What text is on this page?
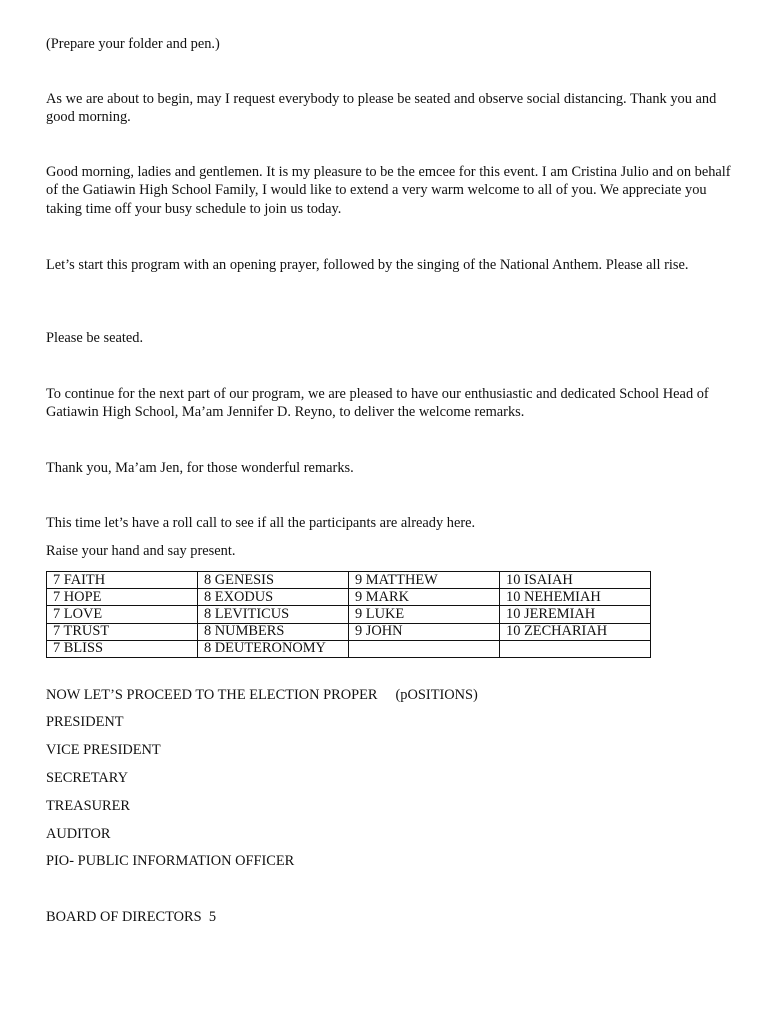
(Prepare your folder and pen.)

As we are about to begin, may I request everybody to please be seated and observe social distancing. Thank you and good morning.

Good morning, ladies and gentlemen. It is my pleasure to be the emcee for this event. I am Cristina Julio and on behalf of the Gatiawin High School Family, I would like to extend a very warm welcome to all of you. We appreciate you taking time off your busy schedule to join us today.

Let’s start this program with an opening prayer, followed by the singing of the National Anthem. Please all rise.

Please be seated.

To continue for the next part of our program, we are pleased to have our enthusiastic and dedicated School Head of Gatiawin High School, Ma’am Jennifer D. Reyno, to deliver the welcome remarks.

Thank you, Ma’am Jen, for those wonderful remarks.

This time let’s have a roll call to see if all the participants are already here.

Raise your hand and say present.

7 FAITH	8 GENESIS	9 MATTHEW	10 ISAIAH
7 HOPE	8 EXODUS	9 MARK	10 NEHEMIAH
7 LOVE	8 LEVITICUS	9 LUKE	10 JEREMIAH
7 TRUST	8 NUMBERS	9 JOHN	10 ZECHARIAH
7 BLISS	8 DEUTERONOMY		

NOW LET’S PROCEED TO THE ELECTION PROPER     (pOSITIONS)

PRESIDENT

VICE PRESIDENT

SECRETARY

TREASURER

AUDITOR

PIO- PUBLIC INFORMATION OFFICER

BOARD OF DIRECTORS  5
